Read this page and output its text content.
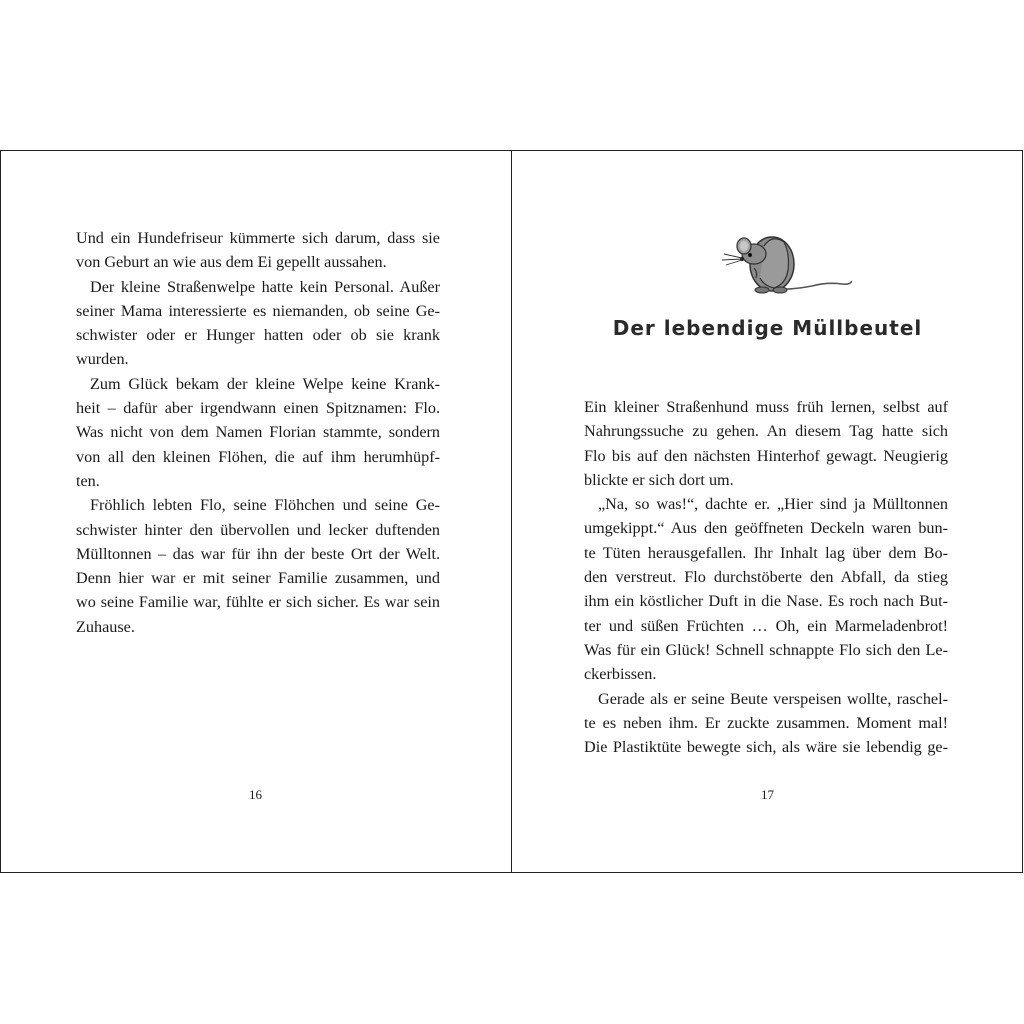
Und ein Hundefriseur kümmerte sich darum, dass sie
von Geburt an wie aus dem Ei gepellt aussahen.
Der kleine Straßenwelpe hatte kein Personal. Außer
seiner Mama interessierte es niemanden, ob seine Ge-
schwister oder er Hunger hatten oder ob sie krank
wurden.
Zum Glück bekam der kleine Welpe keine Krank-
heit – dafür aber irgendwann einen Spitznamen: Flo.
Was nicht von dem Namen Florian stammte, sondern
von all den kleinen Flöhen, die auf ihm herumhüpf-
ten.
Fröhlich lebten Flo, seine Flöhchen und seine Ge-
schwister hinter den übervollen und lecker duftenden
Mülltonnen – das war für ihn der beste Ort der Welt.
Denn hier war er mit seiner Familie zusammen, und
wo seine Familie war, fühlte er sich sicher. Es war sein
Zuhause.
16
Der lebendige Müllbeutel
Ein kleiner Straßenhund muss früh lernen, selbst auf
Nahrungssuche zu gehen. An diesem Tag hatte sich
Flo bis auf den nächsten Hinterhof gewagt. Neugierig
blickte er sich dort um.
„Na, so was!“, dachte er. „Hier sind ja Mülltonnen
umgekippt.“ Aus den geöffneten Deckeln waren bun-
te Tüten herausgefallen. Ihr Inhalt lag über dem Bo-
den verstreut. Flo durchstöberte den Abfall, da stieg
ihm ein köstlicher Duft in die Nase. Es roch nach But-
ter und süßen Früchten … Oh, ein Marmeladenbrot!
Was für ein Glück! Schnell schnappte Flo sich den Le-
ckerbissen.
Gerade als er seine Beute verspeisen wollte, raschel-
te es neben ihm. Er zuckte zusammen. Moment mal!
Die Plastiktüte bewegte sich, als wäre sie lebendig ge-
17
